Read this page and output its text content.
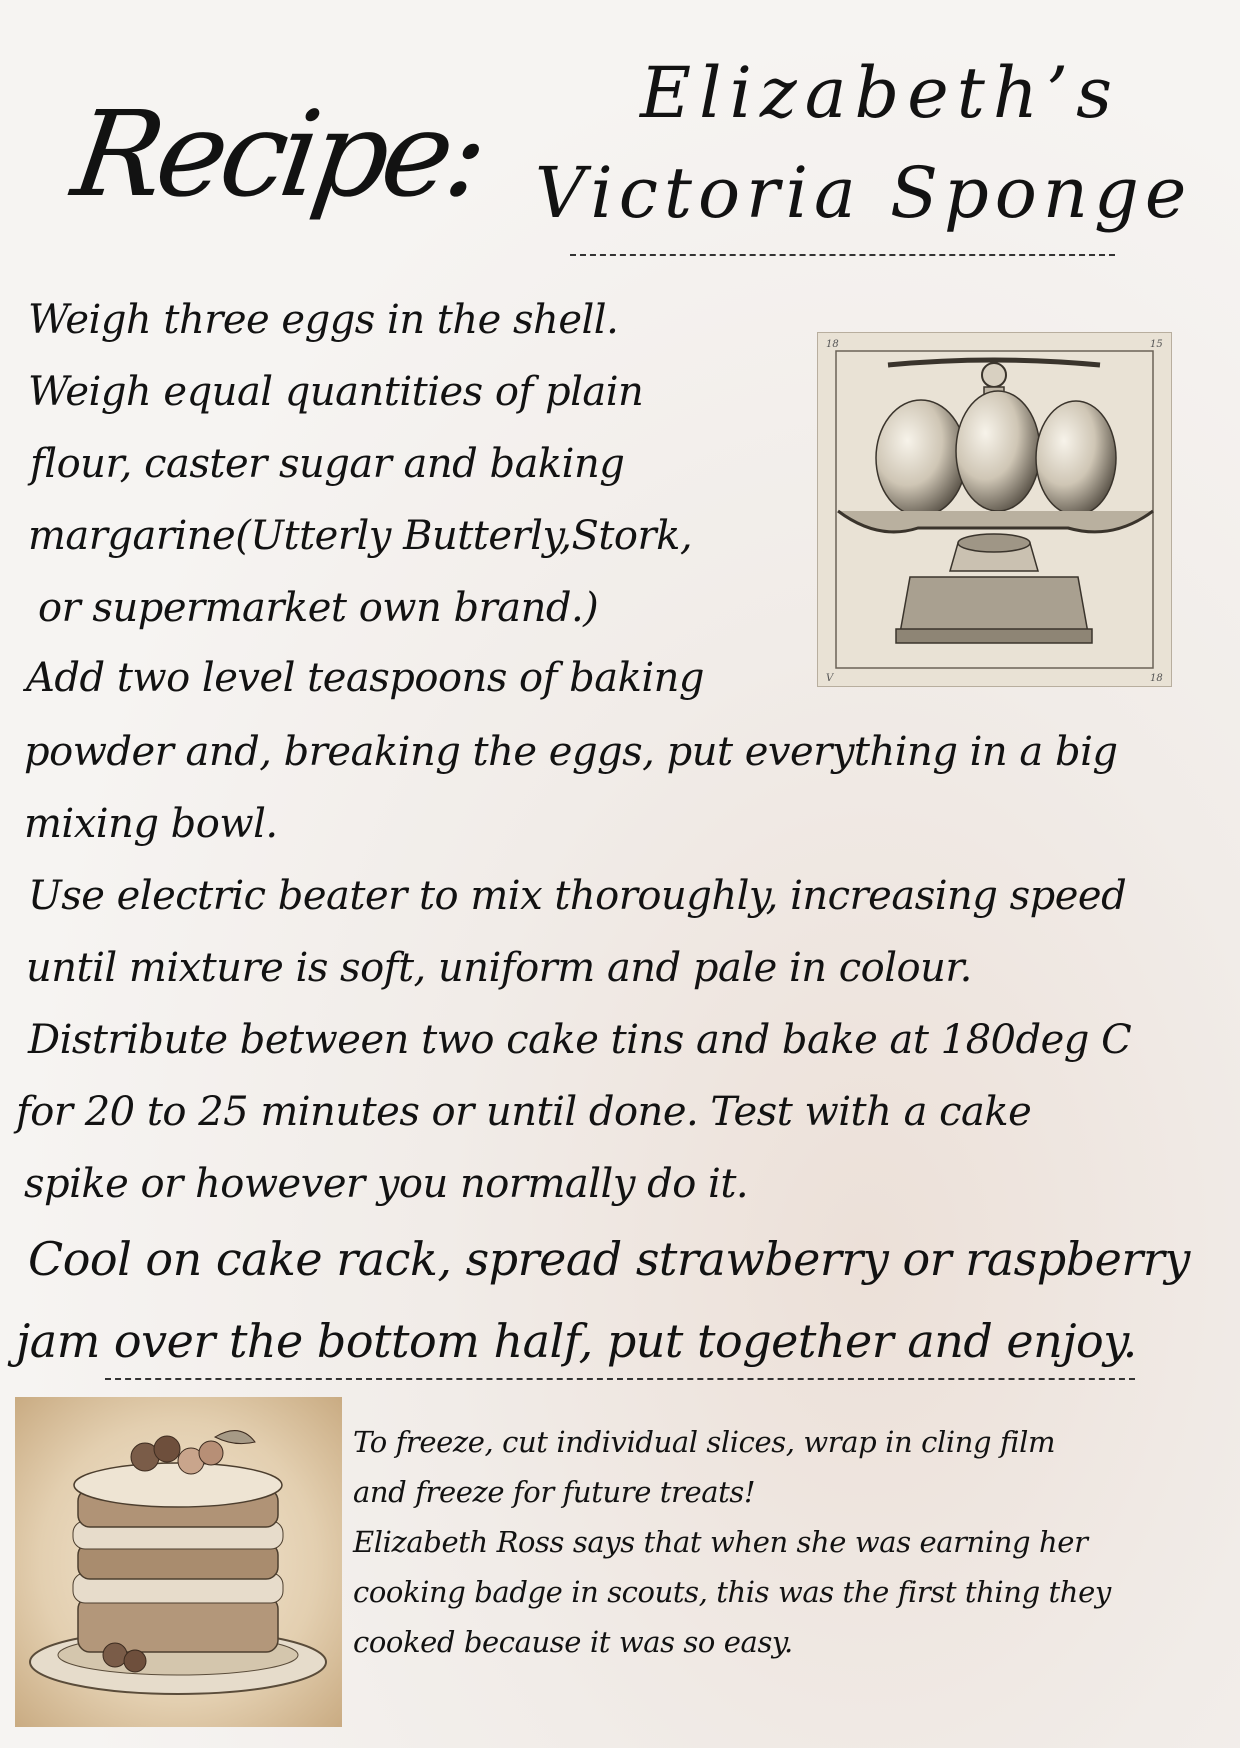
Recipe: Elizabeth’s
Victoria Sponge
18	15
V	18
Weigh three eggs in the shell.
Weigh equal quantities of plain
flour, caster sugar and baking
margarine(Utterly Butterly,Stork,
or supermarket own brand.)
Add two level teaspoons of baking
powder and, breaking the eggs, put everything in a big
mixing bowl.
Use electric beater to mix thoroughly, increasing speed
until mixture is soft, uniform and pale in colour.
Distribute between two cake tins and bake at 180deg C
for 20 to 25 minutes or until done. Test with a cake
spike or however you normally do it.
Cool on cake rack, spread strawberry or raspberry
jam over the bottom half, put together and enjoy.
To freeze, cut individual slices, wrap in cling film
and freeze for future treats!
Elizabeth Ross says that when she was earning her
cooking badge in scouts, this was the first thing they
cooked because it was so easy.
